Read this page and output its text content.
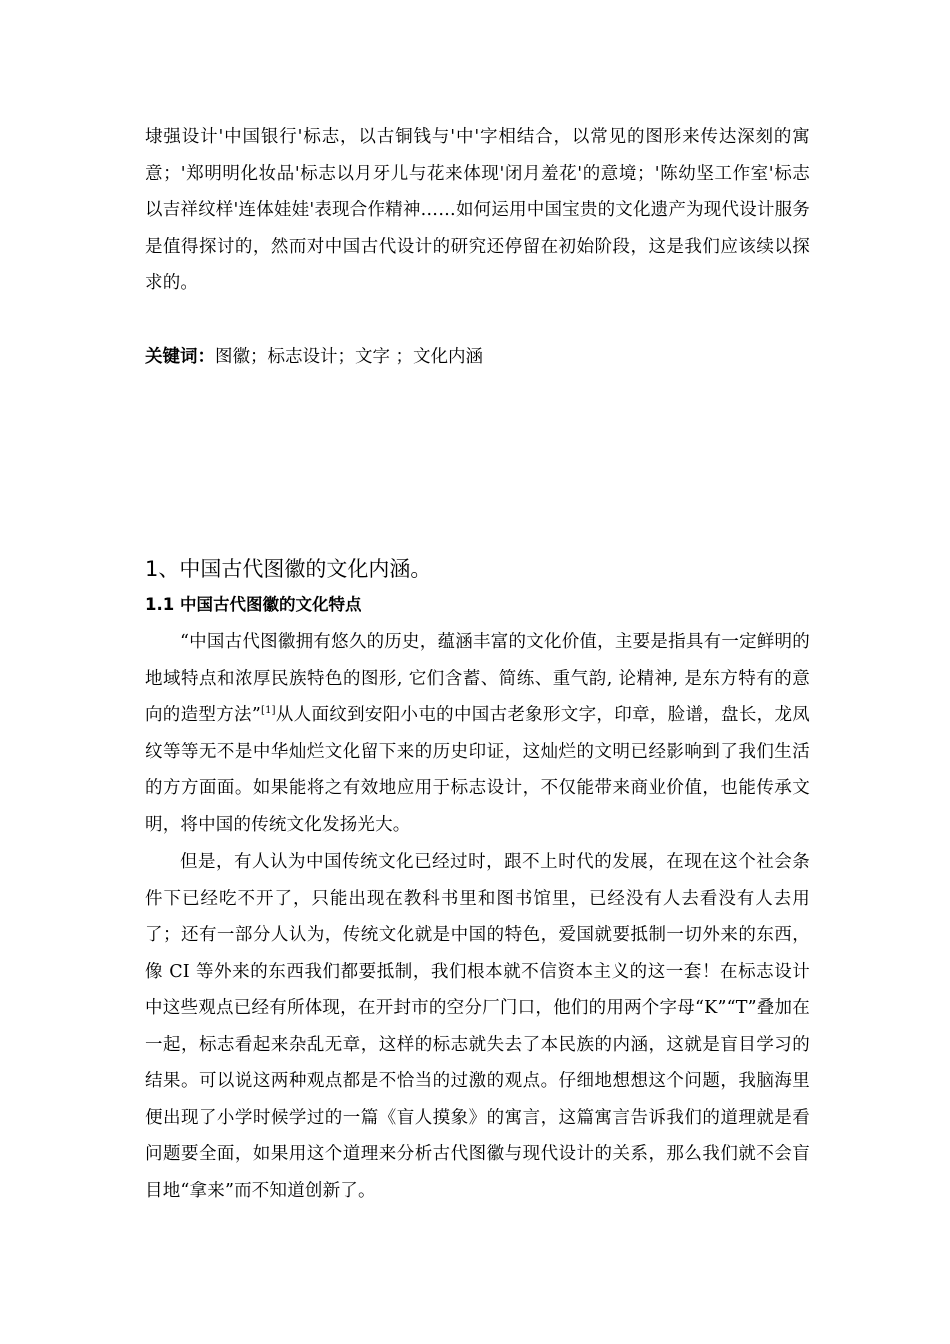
埭强设计'中国银行'标志，以古铜钱与'中'字相结合，以常见的图形来传达深刻的寓意；'郑明明化妆品'标志以月牙儿与花来体现'闭月羞花'的意境；'陈幼坚工作室'标志以吉祥纹样'连体娃娃'表现合作精神……如何运用中国宝贵的文化遗产为现代设计服务是值得探讨的，然而对中国古代设计的研究还停留在初始阶段，这是我们应该续以探求的。

关键词：图徽；标志设计；文字 ；文化内涵

1、中国古代图徽的文化内涵。
1.1 中国古代图徽的文化特点

“中国古代图徽拥有悠久的历史，蕴涵丰富的文化价值，主要是指具有一定鲜明的地域特点和浓厚民族特色的图形, 它们含蓄、简练、重气韵, 论精神, 是东方特有的意向的造型方法”[1]从人面纹到安阳小屯的中国古老象形文字，印章，脸谱，盘长，龙凤纹等等无不是中华灿烂文化留下来的历史印证，这灿烂的文明已经影响到了我们生活的方方面面。如果能将之有效地应用于标志设计，不仅能带来商业价值，也能传承文明，将中国的传统文化发扬光大。

但是，有人认为中国传统文化已经过时，跟不上时代的发展，在现在这个社会条件下已经吃不开了，只能出现在教科书里和图书馆里，已经没有人去看没有人去用了；还有一部分人认为，传统文化就是中国的特色，爱国就要抵制一切外来的东西，像 CI 等外来的东西我们都要抵制，我们根本就不信资本主义的这一套！在标志设计中这些观点已经有所体现，在开封市的空分厂门口，他们的用两个字母“K”“T”叠加在一起，标志看起来杂乱无章，这样的标志就失去了本民族的内涵，这就是盲目学习的结果。可以说这两种观点都是不恰当的过激的观点。仔细地想想这个问题，我脑海里便出现了小学时候学过的一篇《盲人摸象》的寓言，这篇寓言告诉我们的道理就是看问题要全面，如果用这个道理来分析古代图徽与现代设计的关系，那么我们就不会盲目地“拿来”而不知道创新了。
